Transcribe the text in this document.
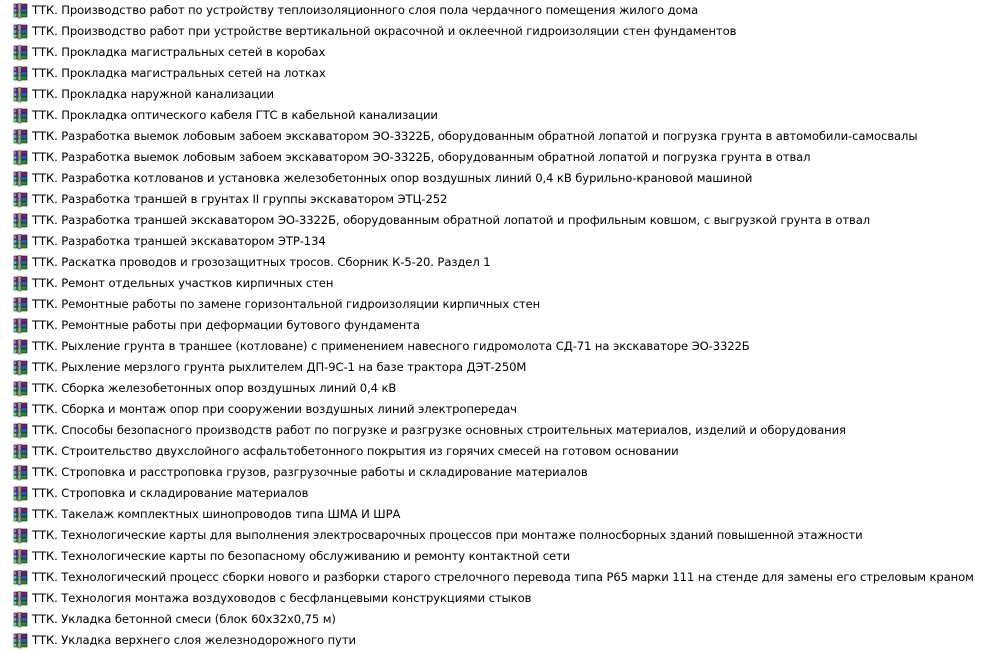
ТТК. Производство работ по устройству теплоизоляционного слоя пола чердачного помещения жилого дома
ТТК. Производство работ при устройстве вертикальной окрасочной и оклеечной гидроизоляции стен фундаментов
ТТК. Прокладка магистральных сетей в коробах
ТТК. Прокладка магистральных сетей на лотках
ТТК. Прокладка наружной канализации
ТТК. Прокладка оптического кабеля ГТС в кабельной канализации
ТТК. Разработка выемок лобовым забоем экскаватором ЭО-3322Б, оборудованным обратной лопатой и погрузка грунта в автомобили-самосвалы
ТТК. Разработка выемок лобовым забоем экскаватором ЭО-3322Б, оборудованным обратной лопатой и погрузка грунта в отвал
ТТК. Разработка котлованов и установка железобетонных опор воздушных линий 0,4 кВ бурильно-крановой машиной
ТТК. Разработка траншей в грунтах II группы экскаватором ЭТЦ-252
ТТК. Разработка траншей экскаватором ЭО-3322Б, оборудованным обратной лопатой и профильным ковшом, с выгрузкой грунта в отвал
ТТК. Разработка траншей экскаватором ЭТР-134
ТТК. Раскатка проводов и грозозащитных тросов. Сборник К-5-20. Раздел 1
ТТК. Ремонт отдельных участков кирпичных стен
ТТК. Ремонтные работы по замене горизонтальной гидроизоляции кирпичных стен
ТТК. Ремонтные работы при деформации бутового фундамента
ТТК. Рыхление грунта в траншее (котловане) с применением навесного гидромолота СД-71 на экскаваторе ЭО-3322Б
ТТК. Рыхление мерзлого грунта рыхлителем ДП-9С-1 на базе трактора ДЭТ-250М
ТТК. Сборка железобетонных опор воздушных линий 0,4 кВ
ТТК. Сборка и монтаж опор при сооружении воздушных линий электропередач
ТТК. Способы безопасного производств работ по погрузке и разгрузке основных строительных материалов, изделий и оборудования
ТТК. Строительство двухслойного асфальтобетонного покрытия из горячих смесей на готовом основании
ТТК. Строповка и расстроповка грузов, разгрузочные работы и складирование материалов
ТТК. Строповка и складирование материалов
ТТК. Такелаж комплектных шинопроводов типа ШМА И ШРА
ТТК. Технологические карты для выполнения электросварочных процессов при монтаже полносборных зданий повышенной этажности
ТТК. Технологические карты по безопасному обслуживанию и ремонту контактной сети
ТТК. Технологический процесс сборки нового и разборки старого стрелочного перевода типа Р65 марки 111 на стенде для замены его стреловым краном
ТТК. Технология монтажа воздуховодов с бесфланцевыми конструкциями стыков
ТТК. Укладка бетонной смеси (блок 60х32х0,75 м)
ТТК. Укладка верхнего слоя железнодорожного пути
